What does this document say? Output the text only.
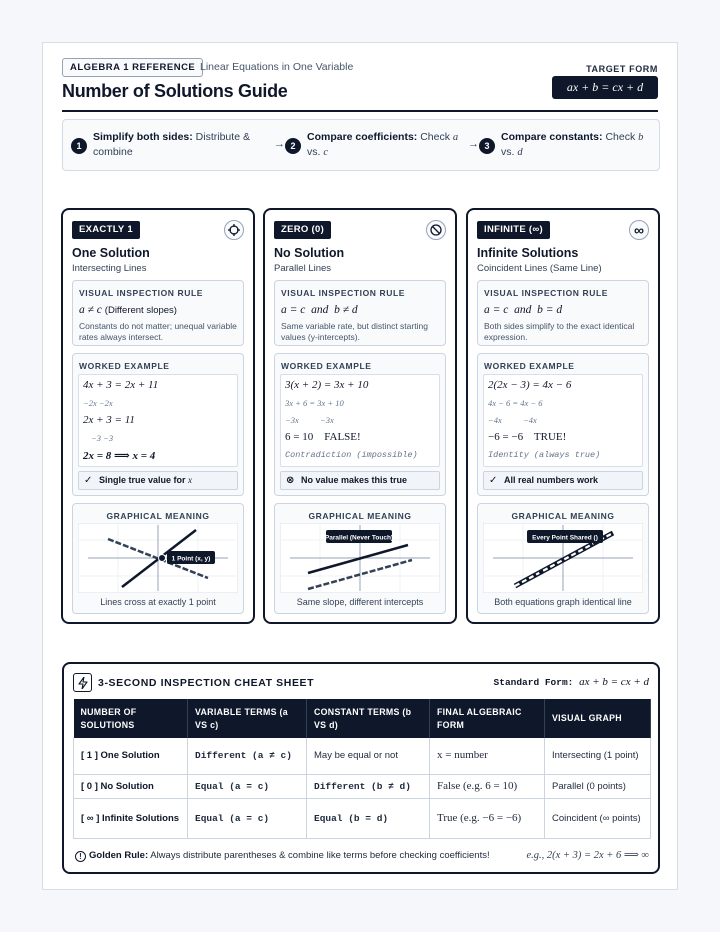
ALGEBRA 1 REFERENCE Linear Equations in One Variable
Number of Solutions Guide
TARGET FORM
ax + b = cx + d
1
Simplify both sides: Distribute &
combine
→ 2
Compare coefficients: Check a
vs. c
→ 3
Compare constants: Check b
vs. d
EXACTLY 1
One Solution
Intersecting Lines
VISUAL INSPECTION RULE
a ≠ c (Different slopes)
Constants do not matter; unequal variable rates always intersect.
WORKED EXAMPLE
4x + 3 = 2x + 11
−2x −2x
2x + 3 = 11
−3 −3
2x = 8 ⟹ x = 4
✓ Single true value for x
GRAPHICAL MEANING
1 Point (x, y)
Lines cross at exactly 1 point
ZERO (0)
No Solution
Parallel Lines
VISUAL INSPECTION RULE
a = c  and  b ≠ d
Same variable rate, but distinct starting values (y-intercepts).
WORKED EXAMPLE
3(x + 2) = 3x + 10
3x + 6 = 3x + 10
−3x          −3x
6 = 10    FALSE!
Contradiction (impossible)
⊗ No value makes this true
GRAPHICAL MEANING
Parallel (Never Touch)
Same slope, different intercepts
INFINITE (∞)	∞
Infinite Solutions
Coincident Lines (Same Line)
VISUAL INSPECTION RULE
a = c  and  b = d
Both sides simplify to the exact identical expression.
WORKED EXAMPLE
2(2x − 3) = 4x − 6
4x − 6 = 4x − 6
−4x          −4x
−6 = −6    TRUE!
Identity (always true)
✓ All real numbers work
GRAPHICAL MEANING
Every Point Shared ()
Both equations graph identical line
3-SECOND INSPECTION CHEAT SHEET	Standard Form: ax + b = cx + d
NUMBER OF SOLUTIONS	VARIABLE TERMS (a VS c)	CONSTANT TERMS (b VS d)	FINAL ALGEBRAIC FORM	VISUAL GRAPH
[ 1 ] One Solution	Different (a ≠ c)	May be equal or not	x = number	Intersecting (1 point)
[ 0 ] No Solution	Equal (a = c)	Different (b ≠ d)	False (e.g. 6 = 10)	Parallel (0 points)
[ ∞ ] Infinite Solutions	Equal (a = c)	Equal (b = d)	True (e.g. −6 = −6)	Coincident (∞ points)
! Golden Rule: Always distribute parentheses & combine like terms before checking coefficients!	e.g., 2(x + 3) = 2x + 6 ⟹ ∞
